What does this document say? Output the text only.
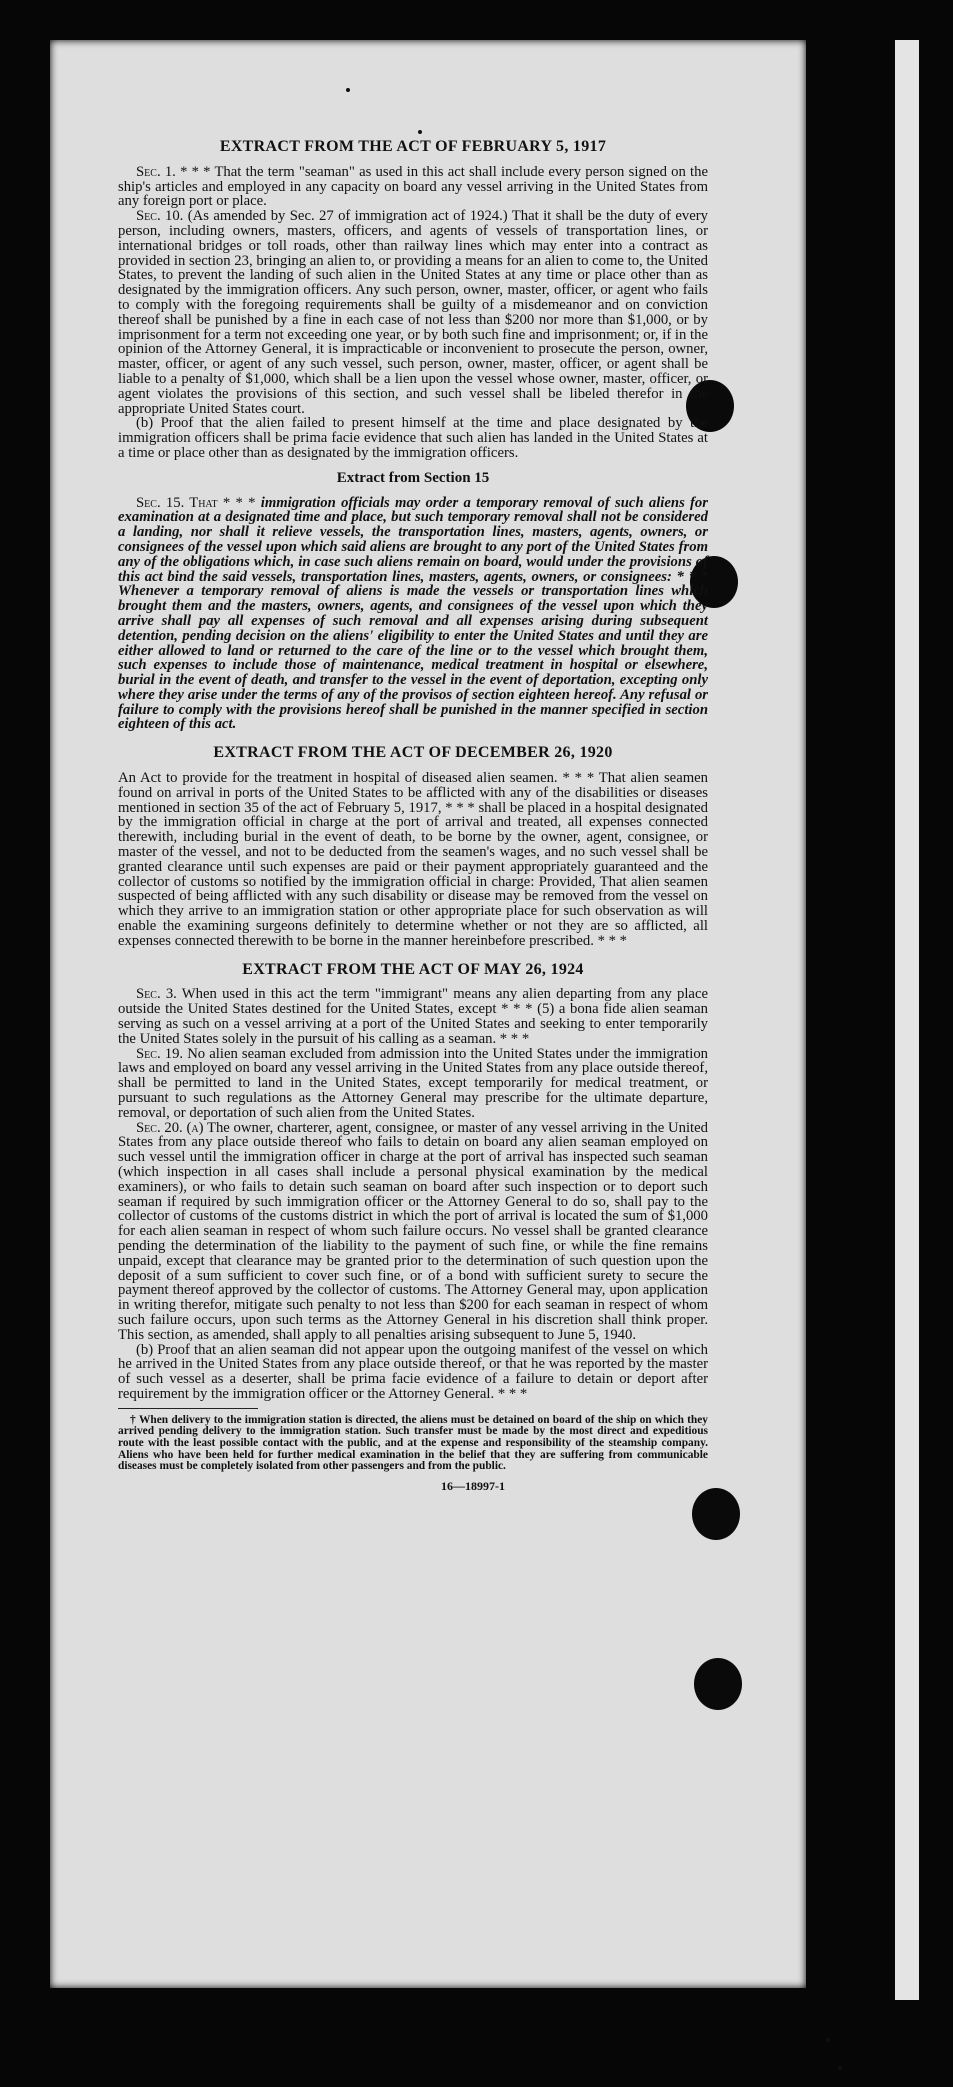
EXTRACT FROM THE ACT OF FEBRUARY 5, 1917

Sec. 1. * * * That the term "seaman" as used in this act shall include every person signed on the ship's articles and employed in any capacity on board any vessel arriving in the United States from any foreign port or place.

Sec. 10. (As amended by Sec. 27 of immigration act of 1924.) That it shall be the duty of every person, including owners, masters, officers, and agents of vessels of transportation lines, or international bridges or toll roads, other than railway lines which may enter into a contract as provided in section 23, bringing an alien to, or providing a means for an alien to come to, the United States, to prevent the landing of such alien in the United States at any time or place other than as designated by the immigration officers. Any such person, owner, master, officer, or agent who fails to comply with the foregoing requirements shall be guilty of a misdemeanor and on conviction thereof shall be punished by a fine in each case of not less than $200 nor more than $1,000, or by imprisonment for a term not exceeding one year, or by both such fine and imprisonment; or, if in the opinion of the Attorney General, it is impracticable or inconvenient to prosecute the person, owner, master, officer, or agent of any such vessel, such person, owner, master, officer, or agent shall be liable to a penalty of $1,000, which shall be a lien upon the vessel whose owner, master, officer, or agent violates the provisions of this section, and such vessel shall be libeled therefor in the appropriate United States court.

(b) Proof that the alien failed to present himself at the time and place designated by the immigration officers shall be prima facie evidence that such alien has landed in the United States at a time or place other than as designated by the immigration officers.

Extract from Section 15

Sec. 15. That * * * immigration officials may order a temporary removal of such aliens for examination at a designated time and place, but such temporary removal shall not be considered a landing, nor shall it relieve vessels, the transportation lines, masters, agents, owners, or consignees of the vessel upon which said aliens are brought to any port of the United States from any of the obligations which, in case such aliens remain on board, would under the provisions of this act bind the said vessels, transportation lines, masters, agents, owners, or consignees: * * * Whenever a temporary removal of aliens is made the vessels or transportation lines which brought them and the masters, owners, agents, and consignees of the vessel upon which they arrive shall pay all expenses of such removal and all expenses arising during subsequent detention, pending decision on the aliens' eligibility to enter the United States and until they are either allowed to land or returned to the care of the line or to the vessel which brought them, such expenses to include those of maintenance, medical treatment in hospital or elsewhere, burial in the event of death, and transfer to the vessel in the event of deportation, excepting only where they arise under the terms of any of the provisos of section eighteen hereof. Any refusal or failure to comply with the provisions hereof shall be punished in the manner specified in section eighteen of this act.

EXTRACT FROM THE ACT OF DECEMBER 26, 1920

An Act to provide for the treatment in hospital of diseased alien seamen. * * * That alien seamen found on arrival in ports of the United States to be afflicted with any of the disabilities or diseases mentioned in section 35 of the act of February 5, 1917, * * * shall be placed in a hospital designated by the immigration official in charge at the port of arrival and treated, all expenses connected therewith, including burial in the event of death, to be borne by the owner, agent, consignee, or master of the vessel, and not to be deducted from the seamen's wages, and no such vessel shall be granted clearance until such expenses are paid or their payment appropriately guaranteed and the collector of customs so notified by the immigration official in charge: Provided, That alien seamen suspected of being afflicted with any such disability or disease may be removed from the vessel on which they arrive to an immigration station or other appropriate place for such observation as will enable the examining surgeons definitely to determine whether or not they are so afflicted, all expenses connected therewith to be borne in the manner hereinbefore prescribed. * * *

EXTRACT FROM THE ACT OF MAY 26, 1924

Sec. 3. When used in this act the term "immigrant" means any alien departing from any place outside the United States destined for the United States, except * * * (5) a bona fide alien seaman serving as such on a vessel arriving at a port of the United States and seeking to enter temporarily the United States solely in the pursuit of his calling as a seaman. * * *

Sec. 19. No alien seaman excluded from admission into the United States under the immigration laws and employed on board any vessel arriving in the United States from any place outside thereof, shall be permitted to land in the United States, except temporarily for medical treatment, or pursuant to such regulations as the Attorney General may prescribe for the ultimate departure, removal, or deportation of such alien from the United States.

Sec. 20. (a) The owner, charterer, agent, consignee, or master of any vessel arriving in the United States from any place outside thereof who fails to detain on board any alien seaman employed on such vessel until the immigration officer in charge at the port of arrival has inspected such seaman (which inspection in all cases shall include a personal physical examination by the medical examiners), or who fails to detain such seaman on board after such inspection or to deport such seaman if required by such immigration officer or the Attorney General to do so, shall pay to the collector of customs of the customs district in which the port of arrival is located the sum of $1,000 for each alien seaman in respect of whom such failure occurs. No vessel shall be granted clearance pending the determination of the liability to the payment of such fine, or while the fine remains unpaid, except that clearance may be granted prior to the determination of such question upon the deposit of a sum sufficient to cover such fine, or of a bond with sufficient surety to secure the payment thereof approved by the collector of customs. The Attorney General may, upon application in writing therefor, mitigate such penalty to not less than $200 for each seaman in respect of whom such failure occurs, upon such terms as the Attorney General in his discretion shall think proper. This section, as amended, shall apply to all penalties arising subsequent to June 5, 1940.

(b) Proof that an alien seaman did not appear upon the outgoing manifest of the vessel on which he arrived in the United States from any place outside thereof, or that he was reported by the master of such vessel as a deserter, shall be prima facie evidence of a failure to detain or deport after requirement by the immigration officer or the Attorney General. * * *

† When delivery to the immigration station is directed, the aliens must be detained on board of the ship on which they arrived pending delivery to the immigration station. Such transfer must be made by the most direct and expeditious route with the least possible contact with the public, and at the expense and responsibility of the steamship company. Aliens who have been held for further medical examination in the belief that they are suffering from communicable diseases must be completely isolated from other passengers and from the public.

16—18997-1
